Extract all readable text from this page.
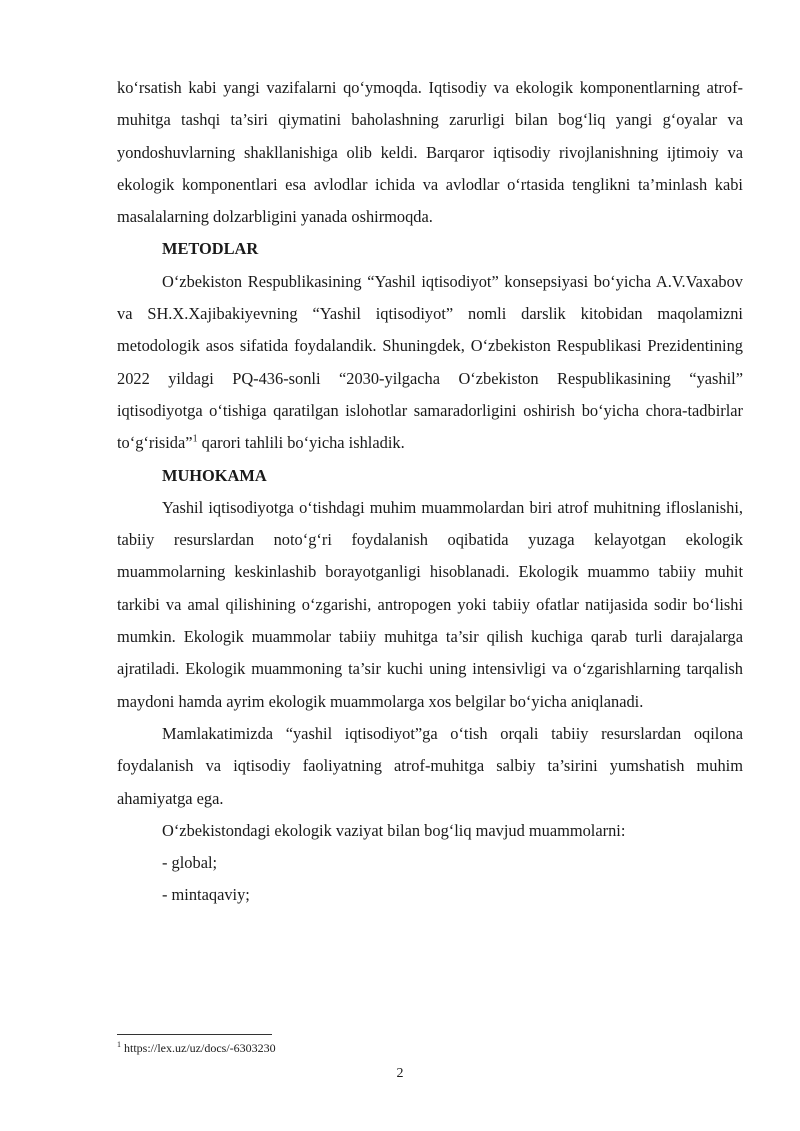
ko‘rsatish kabi yangi vazifalarni qo‘ymoqda. Iqtisodiy va ekologik komponentlarning atrof-muhitga tashqi ta’siri qiymatini baholashning zarurligi bilan bog‘liq yangi g‘oyalar va yondoshuvlarning shakllanishiga olib keldi. Barqaror iqtisodiy rivojlanishning ijtimoiy va ekologik komponentlari esa avlodlar ichida va avlodlar o‘rtasida tenglikni ta’minlash kabi masalalarning dolzarbligini yanada oshirmoqda.

METODLAR

O‘zbekiston Respublikasining “Yashil iqtisodiyot” konsepsiyasi bo‘yicha A.V.Vaxabov va SH.X.Xajibakiyevning “Yashil iqtisodiyot” nomli darslik kitobidan maqolamizni metodologik asos sifatida foydalandik. Shuningdek, O‘zbekiston Respublikasi Prezidentining 2022 yildagi PQ-436-sonli “2030-yilgacha O‘zbekiston Respublikasining “yashil” iqtisodiyotga o‘tishiga qaratilgan islohotlar samaradorligini oshirish bo‘yicha chora-tadbirlar to‘g‘risida”$^1$ qarori tahlili bo‘yicha ishladik.

MUHOKAMA

Yashil iqtisodiyotga o‘tishdagi muhim muammolardan biri atrof muhitning ifloslanishi, tabiiy resurslardan noto‘g‘ri foydalanish oqibatida yuzaga kelayotgan ekologik muammolarning keskinlashib borayotganligi hisoblanadi. Ekologik muammo tabiiy muhit tarkibi va amal qilishining o‘zgarishi, antropogen yoki tabiiy ofatlar natijasida sodir bo‘lishi mumkin. Ekologik muammolar tabiiy muhitga ta’sir qilish kuchiga qarab turli darajalarga ajratiladi. Ekologik muammoning ta’sir kuchi uning intensivligi va o‘zgarishlarning tarqalish maydoni hamda ayrim ekologik muammolarga xos belgilar bo‘yicha aniqlanadi.

Mamlakatimizda “yashil iqtisodiyot”ga o‘tish orqali tabiiy resurslardan oqilona foydalanish va iqtisodiy faoliyatning atrof-muhitga salbiy ta’sirini yumshatish muhim ahamiyatga ega.

O‘zbekistondagi ekologik vaziyat bilan bog‘liq mavjud muammolarni:

- global;

- mintaqaviy;

$^1$ https://lex.uz/uz/docs/-6303230
2
